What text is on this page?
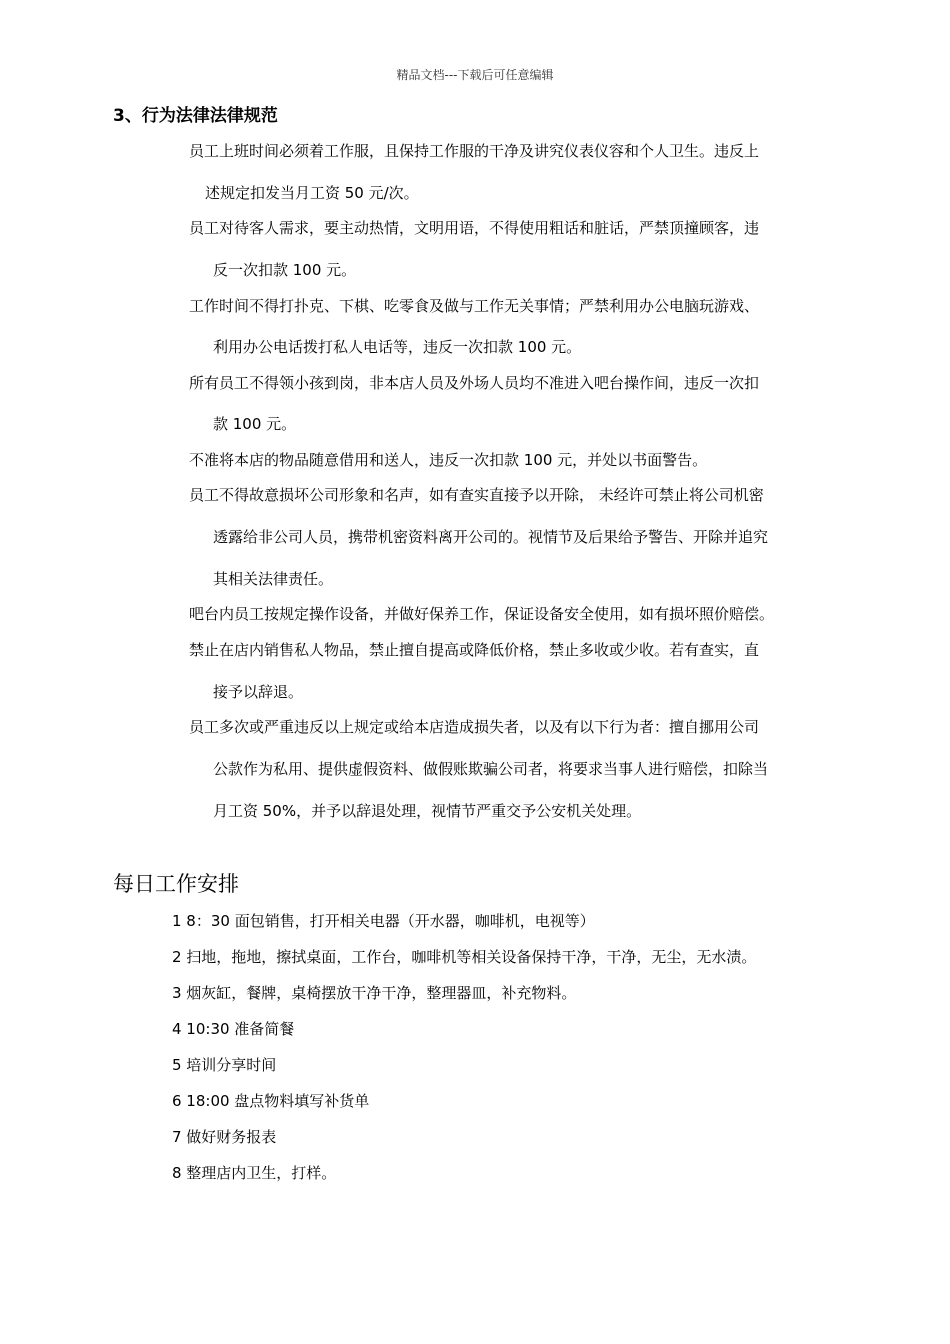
精品文档---下载后可任意编辑
3、行为法律法律规范
员工上班时间必须着工作服，且保持工作服的干净及讲究仪表仪容和个人卫生。违反上
述规定扣发当月工资 50 元/次。
员工对待客人需求，要主动热情，文明用语，不得使用粗话和脏话，严禁顶撞顾客，违
反一次扣款 100 元。
工作时间不得打扑克、下棋、吃零食及做与工作无关事情；严禁利用办公电脑玩游戏、
利用办公电话拨打私人电话等，违反一次扣款 100 元。
所有员工不得领小孩到岗，非本店人员及外场人员均不准进入吧台操作间，违反一次扣
款 100 元。
不准将本店的物品随意借用和送人，违反一次扣款 100 元，并处以书面警告。
员工不得故意损坏公司形象和名声，如有查实直接予以开除， 未经许可禁止将公司机密
透露给非公司人员，携带机密资料离开公司的。视情节及后果给予警告、开除并追究
其相关法律责任。
吧台内员工按规定操作设备，并做好保养工作，保证设备安全使用，如有损坏照价赔偿。
禁止在店内销售私人物品，禁止擅自提高或降低价格，禁止多收或少收。若有查实，直
接予以辞退。
员工多次或严重违反以上规定或给本店造成损失者，以及有以下行为者：擅自挪用公司
公款作为私用、提供虚假资料、做假账欺骗公司者，将要求当事人进行赔偿，扣除当
月工资 50%，并予以辞退处理，视情节严重交予公安机关处理。
每日工作安排
1 8：30 面包销售，打开相关电器（开水器，咖啡机，电视等）
2 扫地，拖地，擦拭桌面，工作台，咖啡机等相关设备保持干净，干净，无尘，无水渍。
3 烟灰缸，餐牌，桌椅摆放干净干净，整理器皿，补充物料。
4 10:30 准备简餐
5 培训分享时间
6 18:00 盘点物料填写补货单
7 做好财务报表
8 整理店内卫生，打样。
